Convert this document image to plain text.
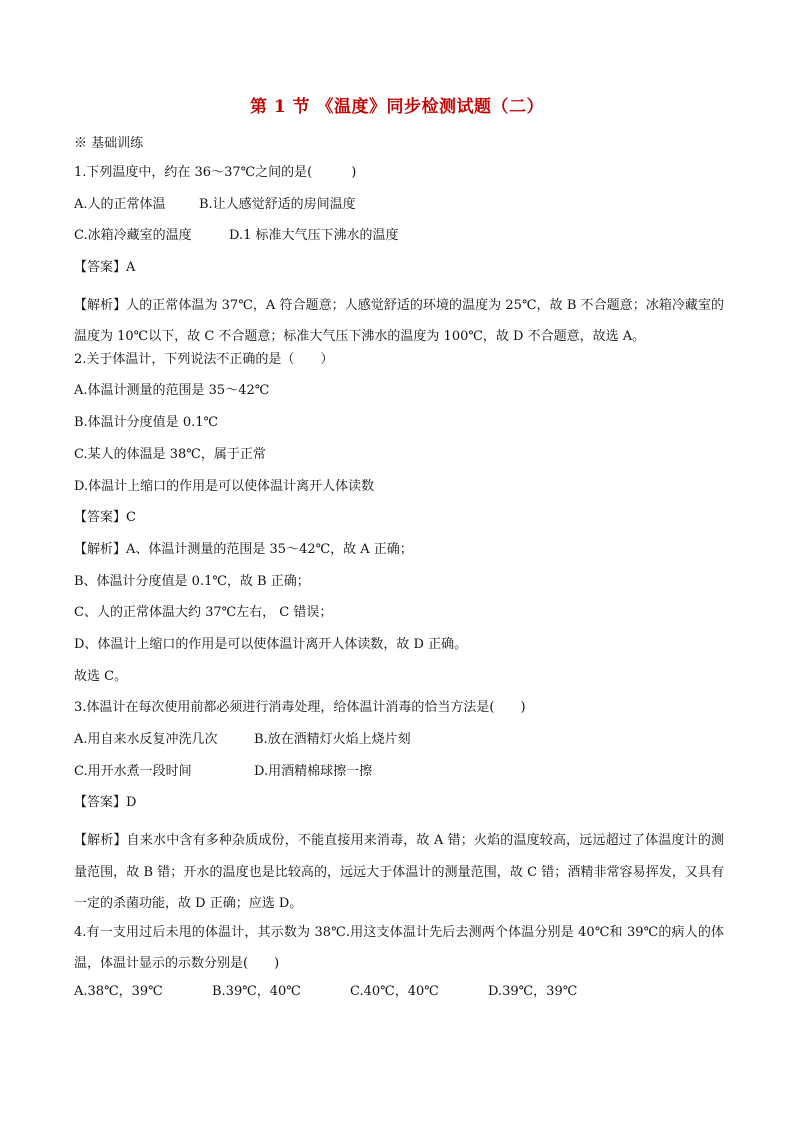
第 1 节 《温度》同步检测试题（二）
※ 基础训练
1.下列温度中，约在 36～37℃之间的是(　　　)
A.人的正常体温	B.让人感觉舒适的房间温度
C.冰箱冷藏室的温度	D.1 标准大气压下沸水的温度
【答案】A
【解析】人的正常体温为 37℃，A 符合题意；人感觉舒适的环境的温度为 25℃，故 B 不合题意；冰箱冷藏室的温度为 10℃以下，故 C 不合题意；标准大气压下沸水的温度为 100℃，故 D 不合题意，故选 A。
2.关于体温计，下列说法不正确的是（　　）
A.体温计测量的范围是 35～42℃
B.体温计分度值是 0.1℃
C.某人的体温是 38℃，属于正常
D.体温计上缩口的作用是可以使体温计离开人体读数
【答案】C
【解析】A、体温计测量的范围是 35～42℃，故 A 正确；
B、体温计分度值是 0.1℃，故 B 正确；
C、人的正常体温大约 37℃左右， C 错误；
D、体温计上缩口的作用是可以使体温计离开人体读数，故 D 正确。
故选 C。
3.体温计在每次使用前都必须进行消毒处理，给体温计消毒的恰当方法是(　　)
A.用自来水反复冲洗几次	B.放在酒精灯火焰上烧片刻
C.用开水煮一段时间	D.用酒精棉球擦一擦
【答案】D
【解析】自来水中含有多种杂质成份，不能直接用来消毒，故 A 错；火焰的温度较高，远远超过了体温度计的测量范围，故 B 错；开水的温度也是比较高的，远远大于体温计的测量范围，故 C 错；酒精非常容易挥发，又具有一定的杀菌功能，故 D 正确；应选 D。
4.有一支用过后未甩的体温计，其示数为 38℃.用这支体温计先后去测两个体温分别是 40℃和 39℃的病人的体温，体温计显示的示数分别是(　　)
A.38℃，39℃	B.39℃，40℃	C.40℃，40℃	D.39℃，39℃
